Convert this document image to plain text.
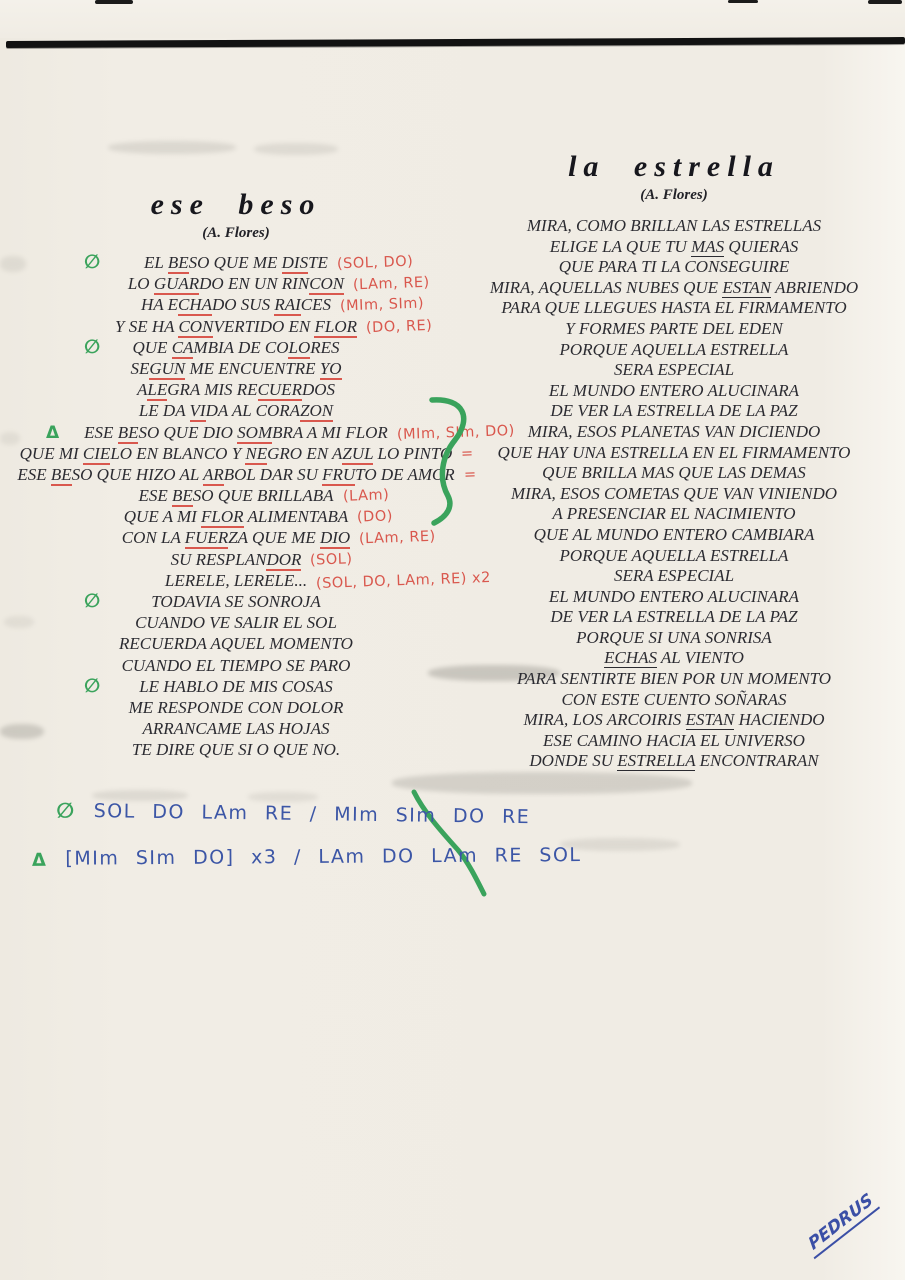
ese beso
(A. Flores)
∅	EL BESO QUE ME DISTE (SOL, DO)
LO GUARDO EN UN RINCON (LAm, RE)
HA ECHADO SUS RAICES (MIm, SIm)
Y SE HA CONVERTIDO EN FLOR (DO, RE)
∅ QUE CAMBIA DE COLORES
SEGUN ME ENCUENTRE YO
ALEGRA MIS RECUERDOS
LE DA VIDA AL CORAZON
Δ ESE BESO QUE DIO SOMBRA A MI FLOR (MIm, SIm, DO)
QUE MI CIELO EN BLANCO Y NEGRO EN AZUL LO PINTO =
ESE BESO QUE HIZO AL ARBOL DAR SU FRUTO DE AMOR =
ESE BESO QUE BRILLABA (LAm)
QUE A MI FLOR ALIMENTABA (DO)
CON LA FUERZA QUE ME DIO (LAm, RE)
SU RESPLANDOR (SOL)
LERELE, LERELE... (SOL, DO, LAm, RE) x2
∅	TODAVIA SE SONROJA
CUANDO VE SALIR EL SOL
RECUERDA AQUEL MOMENTO
CUANDO EL TIEMPO SE PARO
∅ LE HABLO DE MIS COSAS
ME RESPONDE CON DOLOR
ARRANCAME LAS HOJAS
TE DIRE QUE SI O QUE NO.
la estrella
(A. Flores)
MIRA, COMO BRILLAN LAS ESTRELLAS
ELIGE LA QUE TU MAS QUIERAS
QUE PARA TI LA CONSEGUIRE
MIRA, AQUELLAS NUBES QUE ESTAN ABRIENDO
PARA QUE LLEGUES HASTA EL FIRMAMENTO
Y FORMES PARTE DEL EDEN
PORQUE AQUELLA ESTRELLA
SERA ESPECIAL
EL MUNDO ENTERO ALUCINARA
DE VER LA ESTRELLA DE LA PAZ
MIRA, ESOS PLANETAS VAN DICIENDO
QUE HAY UNA ESTRELLA EN EL FIRMAMENTO
QUE BRILLA MAS QUE LAS DEMAS
MIRA, ESOS COMETAS QUE VAN VINIENDO
A PRESENCIAR EL NACIMIENTO
QUE AL MUNDO ENTERO CAMBIARA
PORQUE AQUELLA ESTRELLA
SERA ESPECIAL
EL MUNDO ENTERO ALUCINARA
DE VER LA ESTRELLA DE LA PAZ
PORQUE SI UNA SONRISA
ECHAS AL VIENTO
PARA SENTIRTE BIEN POR UN MOMENTO
CON ESTE CUENTO SOÑARAS
MIRA, LOS ARCOIRIS ESTAN HACIENDO
ESE CAMINO HACIA EL UNIVERSO
DONDE SU ESTRELLA ENCONTRARAN
∅ SOL DO LAm RE / MIm SIm DO RE
Δ [MIm SIm DO] x3 / LAm DO LAm RE SOL
PEDRUS
